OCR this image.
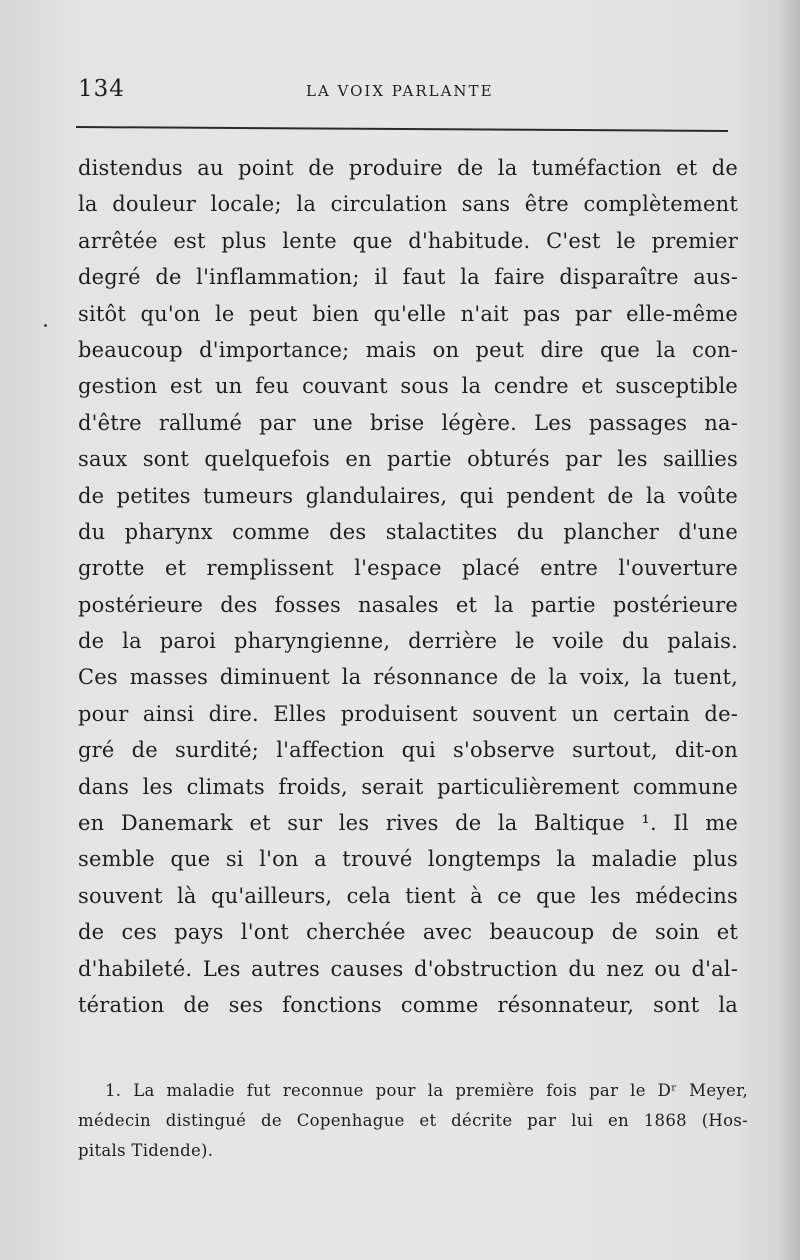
134	LA VOIX PARLANTE
distendus au point de produire de la tuméfaction et de
la douleur locale; la circulation sans être complètement
arrêtée est plus lente que d'habitude. C'est le premier
degré de l'inflammation; il faut la faire disparaître aus-
sitôt qu'on le peut bien qu'elle n'ait pas par elle-même
beaucoup d'importance; mais on peut dire que la con-
gestion est un feu couvant sous la cendre et susceptible
d'être rallumé par une brise légère. Les passages na-
saux sont quelquefois en partie obturés par les saillies
de petites tumeurs glandulaires, qui pendent de la voûte
du pharynx comme des stalactites du plancher d'une
grotte et remplissent l'espace placé entre l'ouverture
postérieure des fosses nasales et la partie postérieure
de la paroi pharyngienne, derrière le voile du palais.
Ces masses diminuent la résonnance de la voix, la tuent,
pour ainsi dire. Elles produisent souvent un certain de-
gré de surdité; l'affection qui s'observe surtout, dit-on
dans les climats froids, serait particulièrement commune
en Danemark et sur les rives de la Baltique ¹. Il me
semble que si l'on a trouvé longtemps la maladie plus
souvent là qu'ailleurs, cela tient à ce que les médecins
de ces pays l'ont cherchée avec beaucoup de soin et
d'habileté. Les autres causes d'obstruction du nez ou d'al-
tération de ses fonctions comme résonnateur, sont la
1. La maladie fut reconnue pour la première fois par le Dʳ Meyer,
médecin distingué de Copenhague et décrite par lui en 1868 (Hos-
pitals Tidende).
